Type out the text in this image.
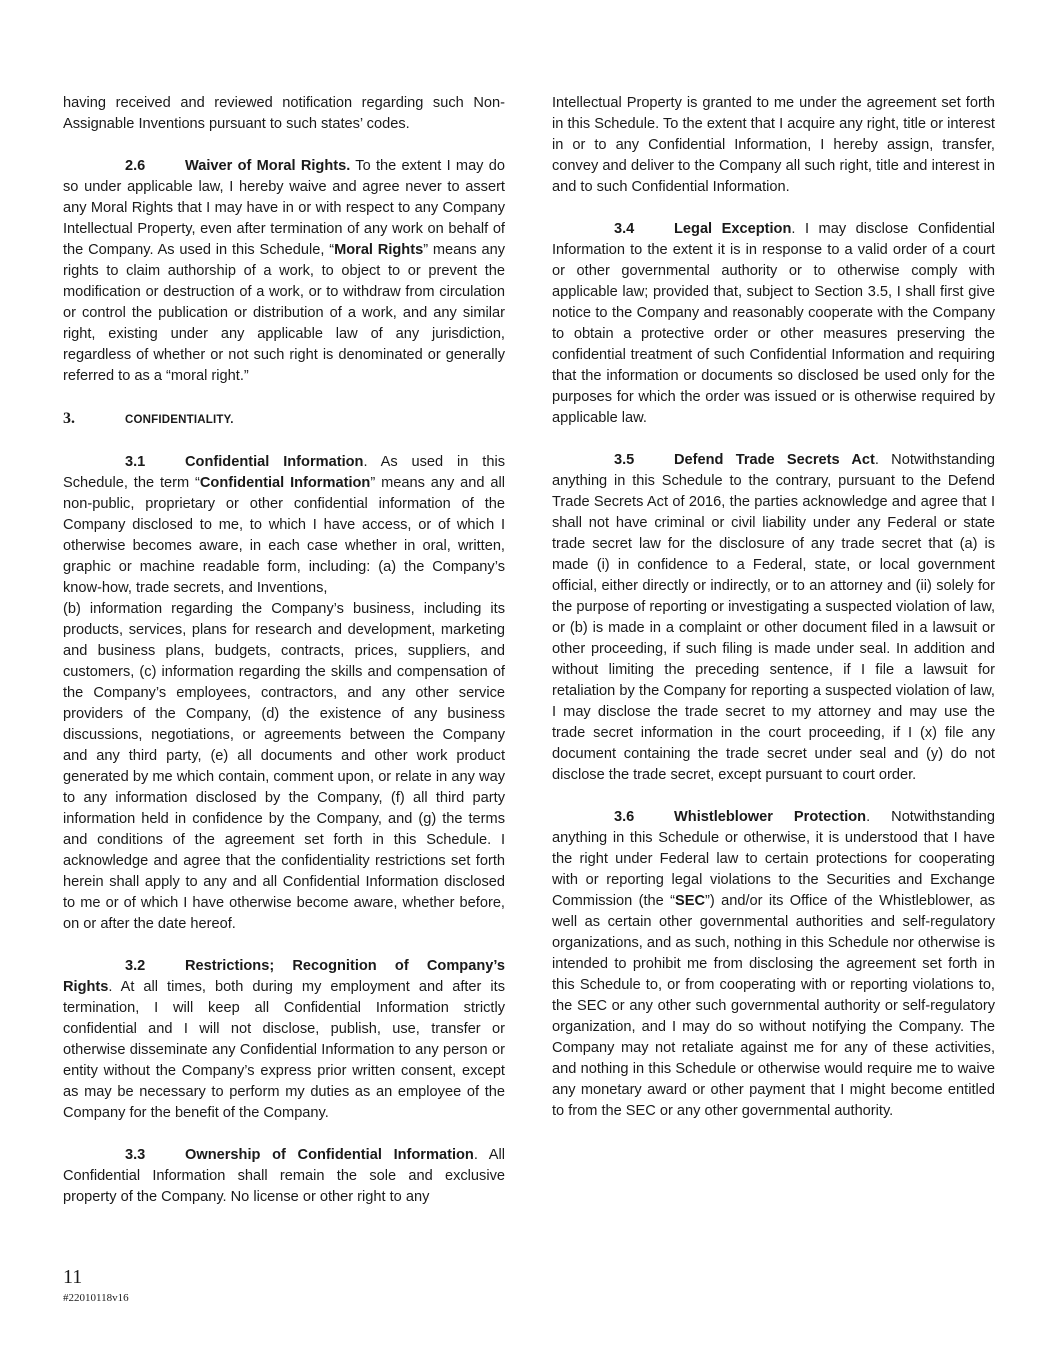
having received and reviewed notification regarding such Non-Assignable Inventions pursuant to such states’ codes.

2.6	Waiver of Moral Rights. To the extent I may do so under applicable law, I hereby waive and agree never to assert any Moral Rights that I may have in or with respect to any Company Intellectual Property, even after termination of any work on behalf of the Company. As used in this Schedule, “Moral Rights” means any rights to claim authorship of a work, to object to or prevent the modification or destruction of a work, or to withdraw from circulation or control the publication or distribution of a work, and any similar right, existing under any applicable law of any jurisdiction, regardless of whether or not such right is denominated or generally referred to as a “moral right.”

3.	CONFIDENTIALITY.

3.1	Confidential Information. As used in this Schedule, the term “Confidential Information” means any and all non-public, proprietary or other confidential information of the Company disclosed to me, to which I have access, or of which I otherwise becomes aware, in each case whether in oral, written, graphic or machine readable form, including: (a) the Company’s know-how, trade secrets, and Inventions,

(b) information regarding the Company’s business, including its products, services, plans for research and development, marketing and business plans, budgets, contracts, prices, suppliers, and customers, (c) information regarding the skills and compensation of the Company’s employees, contractors, and any other service providers of the Company, (d) the existence of any business discussions, negotiations, or agreements between the Company and any third party, (e) all documents and other work product generated by me which contain, comment upon, or relate in any way to any information disclosed by the Company, (f) all third party information held in confidence by the Company, and (g) the terms and conditions of the agreement set forth in this Schedule. I acknowledge and agree that the confidentiality restrictions set forth herein shall apply to any and all Confidential Information disclosed to me or of which I have otherwise become aware, whether before, on or after the date hereof.

3.2	Restrictions; Recognition of Company’s Rights. At all times, both during my employment and after its termination, I will keep all Confidential Information strictly confidential and I will not disclose, publish, use, transfer or otherwise disseminate any Confidential Information to any person or entity without the Company’s express prior written consent, except as may be necessary to perform my duties as an employee of the Company for the benefit of the Company.

3.3	Ownership of Confidential Information. All Confidential Information shall remain the sole and exclusive property of the Company. No license or other right to any

Intellectual Property is granted to me under the agreement set forth in this Schedule. To the extent that I acquire any right, title or interest in or to any Confidential Information, I hereby assign, transfer, convey and deliver to the Company all such right, title and interest in and to such Confidential Information.

3.4	Legal Exception. I may disclose Confidential Information to the extent it is in response to a valid order of a court or other governmental authority or to otherwise comply with applicable law; provided that, subject to Section 3.5, I shall first give notice to the Company and reasonably cooperate with the Company to obtain a protective order or other measures preserving the confidential treatment of such Confidential Information and requiring that the information or documents so disclosed be used only for the purposes for which the order was issued or is otherwise required by applicable law.

3.5	Defend Trade Secrets Act. Notwithstanding anything in this Schedule to the contrary, pursuant to the Defend Trade Secrets Act of 2016, the parties acknowledge and agree that I shall not have criminal or civil liability under any Federal or state trade secret law for the disclosure of any trade secret that (a) is made (i) in confidence to a Federal, state, or local government official, either directly or indirectly, or to an attorney and (ii) solely for the purpose of reporting or investigating a suspected violation of law, or (b) is made in a complaint or other document filed in a lawsuit or other proceeding, if such filing is made under seal. In addition and without limiting the preceding sentence, if I file a lawsuit for retaliation by the Company for reporting a suspected violation of law, I may disclose the trade secret to my attorney and may use the trade secret information in the court proceeding, if I (x) file any document containing the trade secret under seal and (y) do not disclose the trade secret, except pursuant to court order.

3.6	Whistleblower Protection. Notwithstanding anything in this Schedule or otherwise, it is understood that I have the right under Federal law to certain protections for cooperating with or reporting legal violations to the Securities and Exchange Commission (the “SEC”) and/or its Office of the Whistleblower, as well as certain other governmental authorities and self-regulatory organizations, and as such, nothing in this Schedule nor otherwise is intended to prohibit me from disclosing the agreement set forth in this Schedule to, or from cooperating with or reporting violations to, the SEC or any other such governmental authority or self-regulatory organization, and I may do so without notifying the Company. The Company may not retaliate against me for any of these activities, and nothing in this Schedule or otherwise would require me to waive any monetary award or other payment that I might become entitled to from the SEC or any other governmental authority.

11
#22010118v16
